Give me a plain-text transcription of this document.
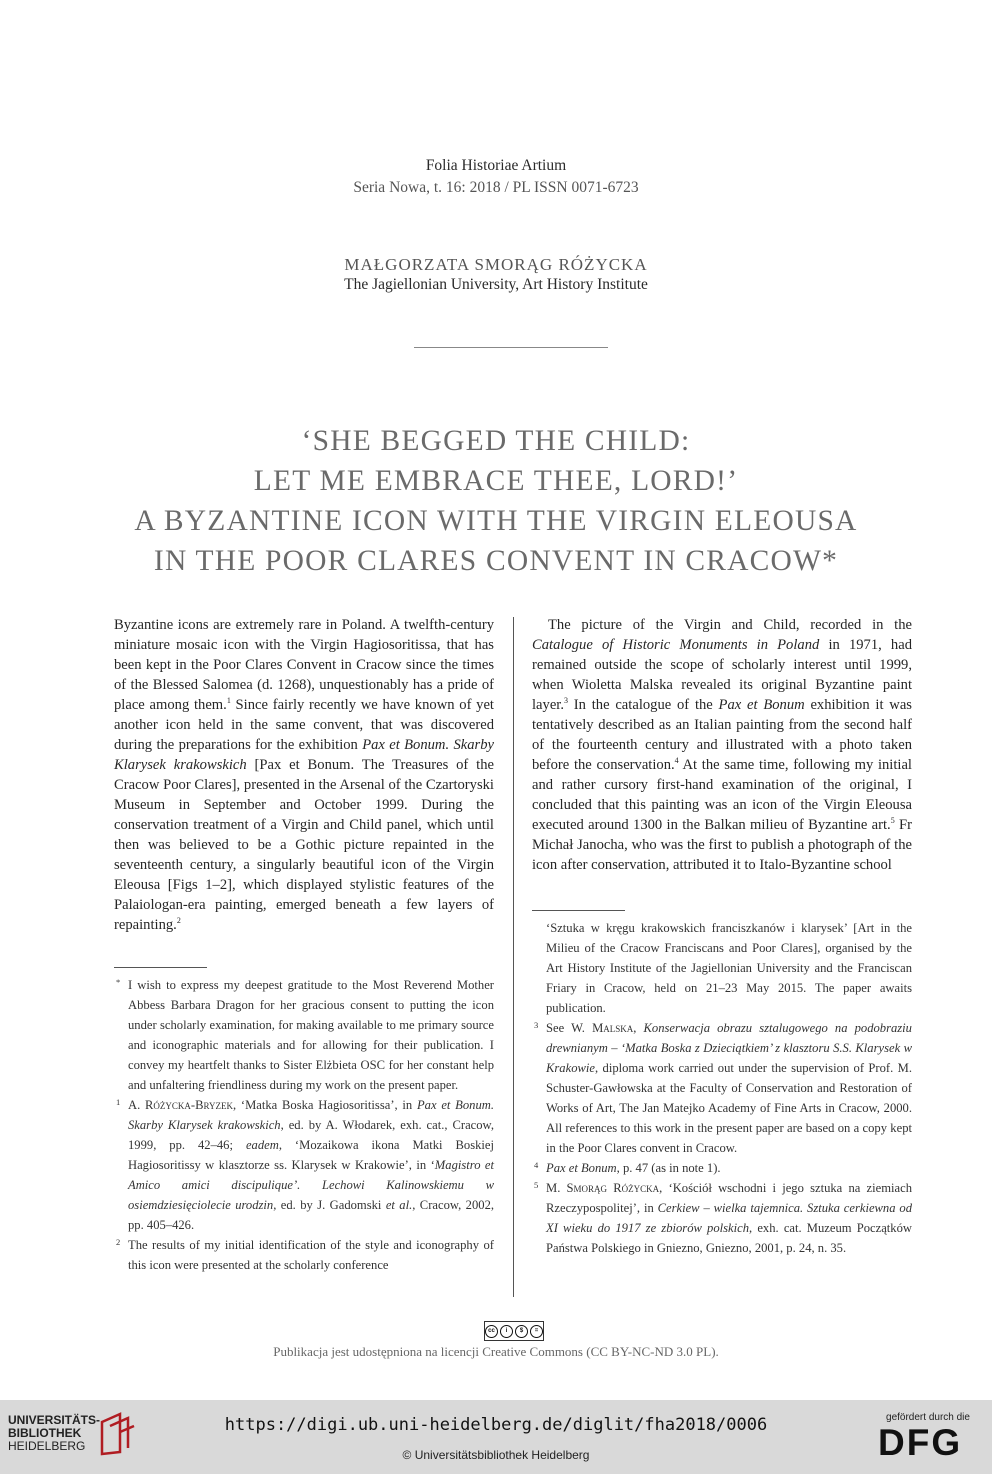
Folia Historiae Artium
Seria Nowa, t. 16: 2018 / PL ISSN 0071-6723
MAŁGORZATA SMORĄG RÓŻYCKA
The Jagiellonian University, Art History Institute
‘SHE BEGGED THE CHILD:
LET ME EMBRACE THEE, LORD!’
A BYZANTINE ICON WITH THE VIRGIN ELEOUSA
IN THE POOR CLARES CONVENT IN CRACOW*

Byzantine icons are extremely rare in Poland. A twelfth-century miniature mosaic icon with the Virgin Hagiosoritissa, that has been kept in the Poor Clares Convent in Cracow since the times of the Blessed Salomea (d. 1268), unquestionably has a pride of place among them.$^1$ Since fairly recently we have known of yet another icon held in the same convent, that was discovered during the preparations for the exhibition Pax et Bonum. Skarby Klarysek krakowskich [Pax et Bonum. The Treasures of the Cracow Poor Clares], presented in the Arsenal of the Czartoryski Museum in September and October 1999. During the conservation treatment of a Virgin and Child panel, which until then was believed to be a Gothic picture repainted in the seventeenth century, a singularly beautiful icon of the Virgin Eleousa [Figs 1–2], which displayed stylistic features of the Palaiologan-era painting, emerged beneath a few layers of repainting.$^2$

The picture of the Virgin and Child, recorded in the Catalogue of Historic Monuments in Poland in 1971, had remained outside the scope of scholarly interest until 1999, when Wioletta Malska revealed its original Byzantine paint layer.$^3$ In the catalogue of the Pax et Bonum exhibition it was tentatively described as an Italian painting from the second half of the fourteenth century and illustrated with a photo taken before the conservation.$^4$ At the same time, following my initial and rather cursory first-hand examination of the original, I concluded that this painting was an icon of the Virgin Eleousa executed around 1300 in the Balkan milieu of Byzantine art.$^5$ Fr Michał Janocha, who was the first to publish a photograph of the icon after conservation, attributed it to Italo-Byzantine school

* I wish to express my deepest gratitude to the Most Reverend Mother Abbess Barbara Dragon for her gracious consent to putting the icon under scholarly examination, for making available to me primary source and iconographic materials and for allowing for their publication. I convey my heartfelt thanks to Sister Elżbieta OSC for her constant help and unfaltering friendliness during my work on the present paper.

1 A. Różycka-Bryzek, ‘Matka Boska Hagiosoritissa’, in Pax et Bonum. Skarby Klarysek krakowskich, ed. by A. Włodarek, exh. cat., Cracow, 1999, pp. 42–46; eadem, ‘Mozaikowa ikona Matki Boskiej Hagiosoritissy w klasztorze ss. Klarysek w Krakowie’, in ‘Magistro et Amico amici discipulique’. Lechowi Kalinowskiemu w osiemdziesięciolecie urodzin, ed. by J. Gadomski et al., Cracow, 2002, pp. 405–426.

2 The results of my initial identification of the style and iconography of this icon were presented at the scholarly conference

‘Sztuka w kręgu krakowskich franciszkanów i klarysek’ [Art in the Milieu of the Cracow Franciscans and Poor Clares], organised by the Art History Institute of the Jagiellonian University and the Franciscan Friary in Cracow, held on 21–23 May 2015. The paper awaits publication.

3 See W. Malska, Konserwacja obrazu sztalugowego na podobraziu drewnianym – ‘Matka Boska z Dzieciątkiem’ z klasztoru S.S. Klarysek w Krakowie, diploma work carried out under the supervision of Prof. M. Schuster-Gawłowska at the Faculty of Conservation and Restoration of Works of Art, The Jan Matejko Academy of Fine Arts in Cracow, 2000. All references to this work in the present paper are based on a copy kept in the Poor Clares convent in Cracow.

4 Pax et Bonum, p. 47 (as in note 1).

5 M. Smorąg Różycka, ‘Kościół wschodni i jego sztuka na ziemiach Rzeczypospolitej’, in Cerkiew – wielka tajemnica. Sztuka cerkiewna od XI wieku do 1917 ze zbiorów polskich, exh. cat. Muzeum Początków Państwa Polskiego in Gniezno, Gniezno, 2001, p. 24, n. 35.

cc	i	$	=
Publikacja jest udostępniona na licencji Creative Commons (CC BY-NC-ND 3.0 PL).
UNIVERSITÄTS-
BIBLIOTHEK
HEIDELBERG
https://digi.ub.uni-heidelberg.de/diglit/fha2018/0006
© Universitätsbibliothek Heidelberg
gefördert durch die
DFG
